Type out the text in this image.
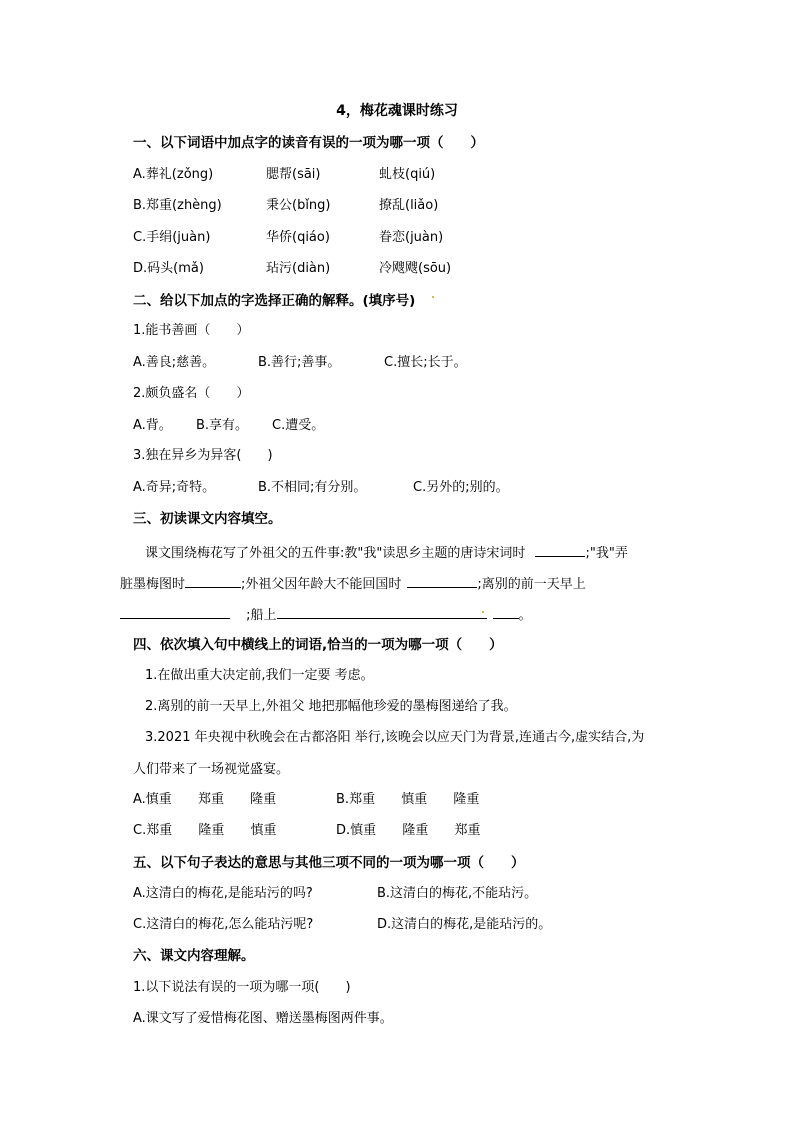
4，梅花魂课时练习
一、以下词语中加点字的读音有误的一项为哪一项（　　）
A.葬礼(zǒng)	腮帮(sāi)	虬枝(qiú)
B.郑重(zhèng)	秉公(bǐng)	撩乱(liǎo)
C.手绢(juàn)	华侨(qiáo)	眷恋(juàn)
D.码头(mǎ)	玷污(diàn)	冷飕飕(sōu)
二、给以下加点的字选择正确的解释。(填序号)
1.能书善画（　　）
A.善良;慈善。	B.善行;善事。	C.擅长;长于。
2.颇负盛名（　　）
A.背。 B.享有。 C.遭受。
3.独在异乡为异客(　　)
A.奇异;奇特。	B.不相同;有分别。	C.另外的;别的。
三、初读课文内容填空。
课文围绕梅花写了外祖父的五件事:教"我"读思乡主题的唐诗宋词时	;"我"弄
脏墨梅图时	;外祖父因年龄大不能回国时	;离别的前一天早上
;船上	。
四、依次填入句中横线上的词语,恰当的一项为哪一项（　　）
1.在做出重大决定前,我们一定要 考虑。
2.离别的前一天早上,外祖父 地把那幅他珍爱的墨梅图递给了我。
3.2021 年央视中秋晚会在古都洛阳 举行,该晚会以应天门为背景,连通古今,虚实结合,为
人们带来了一场视觉盛宴。
A.慎重 郑重 隆重	B.郑重 慎重 隆重
C.郑重 隆重 慎重	D.慎重 隆重 郑重
五、以下句子表达的意思与其他三项不同的一项为哪一项（　　）
A.这清白的梅花,是能玷污的吗?	B.这清白的梅花,不能玷污。
C.这清白的梅花,怎么能玷污呢?	D.这清白的梅花,是能玷污的。
六、课文内容理解。
1.以下说法有误的一项为哪一项(　　)
A.课文写了爱惜梅花图、赠送墨梅图两件事。
